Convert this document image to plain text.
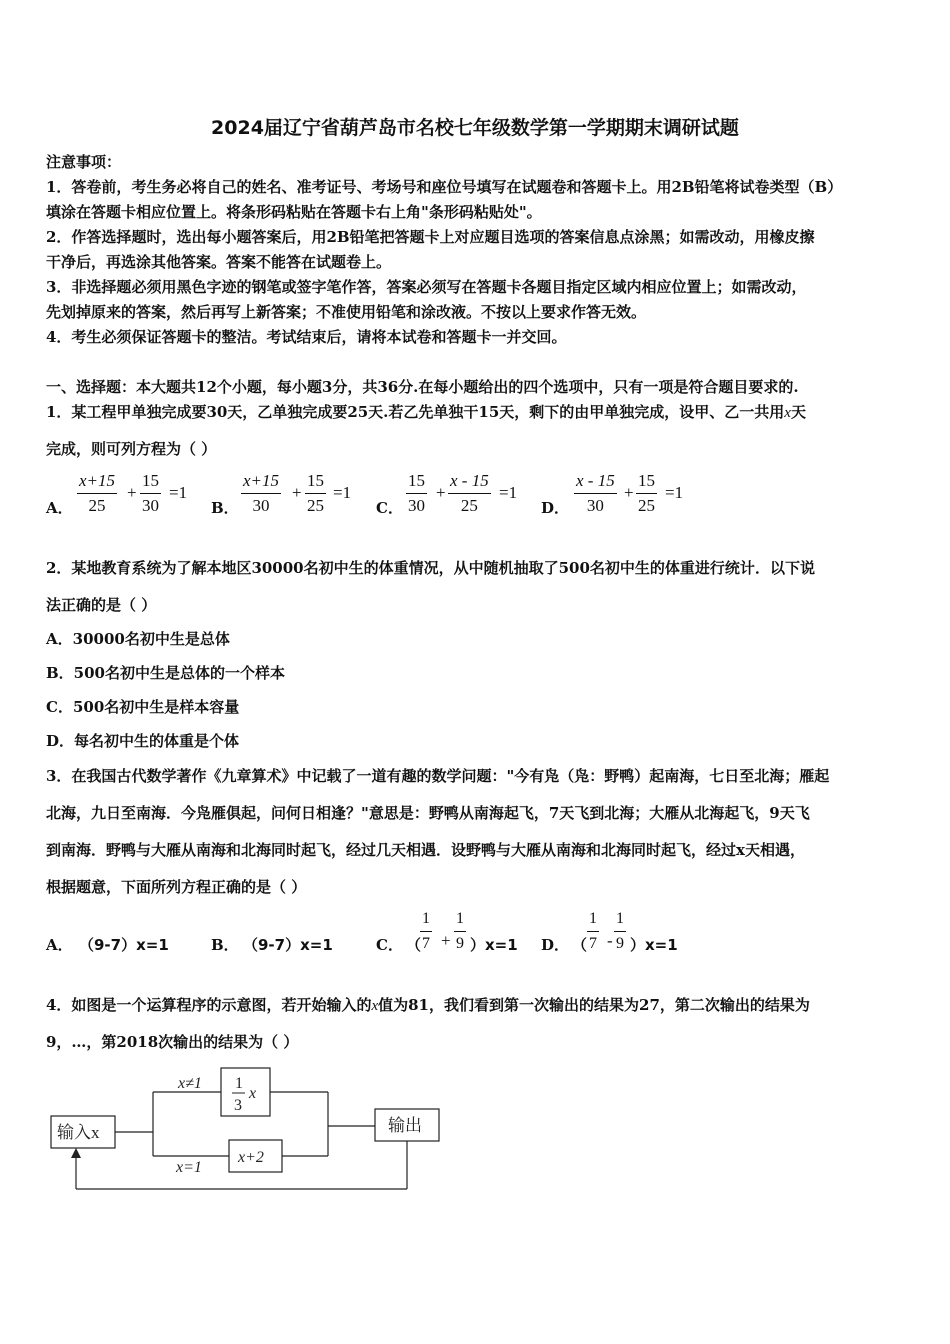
2024届辽宁省葫芦岛市名校七年级数学第一学期期末调研试题
注意事项：
1．答卷前，考生务必将自己的姓名、准考证号、考场号和座位号填写在试题卷和答题卡上。用2B铅笔将试卷类型（B）
填涂在答题卡相应位置上。将条形码粘贴在答题卡右上角"条形码粘贴处"。
2．作答选择题时，选出每小题答案后，用2B铅笔把答题卡上对应题目选项的答案信息点涂黑；如需改动，用橡皮擦
干净后，再选涂其他答案。答案不能答在试题卷上。
3．非选择题必须用黑色字迹的钢笔或签字笔作答，答案必须写在答题卡各题目指定区域内相应位置上；如需改动，
先划掉原来的答案，然后再写上新答案；不准使用铅笔和涂改液。不按以上要求作答无效。
4．考生必须保证答题卡的整洁。考试结束后，请将本试卷和答题卡一并交回。
一、选择题：本大题共12个小题，每小题3分，共36分.在每小题给出的四个选项中，只有一项是符合题目要求的.
1．某工程甲单独完成要30天，乙单独完成要25天.若乙先单独干15天，剩下的由甲单独完成，设甲、乙一共用x天
完成，则可列方程为（ ）
A． $\frac{x+15}{25} + \frac{15}{30} =1$
B． $\frac{x+15}{30} + \frac{15}{25} =1$
C． $\frac{15}{30} + \frac{x - 15}{25} =1$
D． $\frac{x - 15}{30} + \frac{15}{25} =1$
2．某地教育系统为了解本地区30000名初中生的体重情况，从中随机抽取了500名初中生的体重进行统计．以下说
法正确的是（ ）
A．30000名初中生是总体
B．500名初中生是总体的一个样本
C．500名初中生是样本容量
D．每名初中生的体重是个体
3．在我国古代数学著作《九章算术》中记载了一道有趣的数学问题："今有凫（凫：野鸭）起南海，七日至北海；雁起
北海，九日至南海．今凫雁俱起，问何日相逢？"意思是：野鸭从南海起飞，7天飞到北海；大雁从北海起飞，9天飞
到南海．野鸭与大雁从南海和北海同时起飞，经过几天相遇．设野鸭与大雁从南海和北海同时起飞，经过x天相遇，
根据题意，下面所列方程正确的是（ ）
A． （9-7）x=1	B． （9-7）x=1	C． （
$\frac{1}{7} + \frac{1}{9} )x=1$ D． （ $\frac{1}{7} - \frac{1}{9} )x=1$
4．如图是一个运算程序的示意图，若开始输入的x值为81，我们看到第一次输出的结果为27，第二次输出的结果为
9，…，第2018次输出的结果为（ ）
输入x
x≠1 1
3
x
x=1
x+2
输出
